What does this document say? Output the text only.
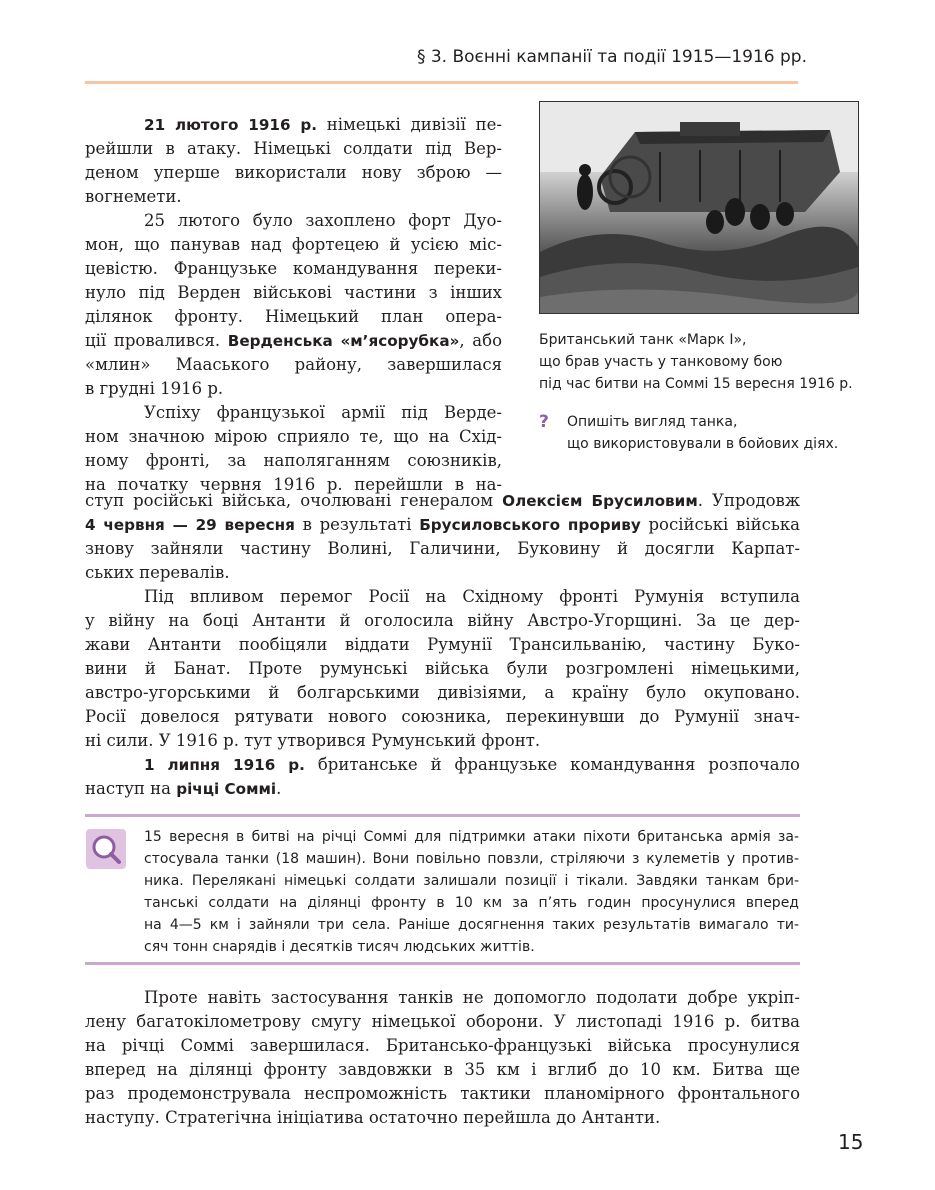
§ 3. Воєнні кампанії та події 1915—1916 рр.

21 лютого 1916 р. німецькі дивізії пе-

рейшли в атаку. Німецькі солдати під Вер-
деном уперше використали нову зброю —
вогнемети.

25 лютого було захоплено форт Дуо-

мон, що панував над фортецею й усією міс-
цевістю. Французьке командування переки-
нуло під Верден військові частини з інших
ділянок фронту. Німецький план опера-
ції провалився. Верденська «м’ясорубка», або
«млин» Мааського району, завершилася
в грудні 1916 р.

Успіху французької армії під Верде-

ном значною мірою сприяло те, що на Схід-
ному фронті, за наполяганням союзників,
на початку червня 1916 р. перейшли в на-
Британський танк «Марк І»,
що брав участь у танковому бою
під час битви на Соммі 15 вересня 1916 р.
? Опишіть вигляд танка,
що використовували в бойових діях.
ступ російські війська, очолювані генералом Олексієм Брусиловим. Упродовж
4 червня — 29 вересня в результаті Брусиловського прориву російські війська
знову зайняли частину Волині, Галичини, Буковину й досягли Карпат-
ських перевалів.

Під впливом перемог Росії на Східному фронті Румунія вступила

у війну на боці Антанти й оголосила війну Австро-Угорщині. За це дер-
жави Антанти пообіцяли віддати Румунії Трансильванію, частину Буко-
вини й Банат. Проте румунські війська були розгромлені німецькими,
австро-угорськими й болгарськими дивізіями, а країну було окуповано.
Росії довелося рятувати нового союзника, перекинувши до Румунії знач-
ні сили. У 1916 р. тут утворився Румунський фронт.

1 липня 1916 р. британське й французьке командування розпочало

наступ на річці Соммі.
15 вересня в битві на річці Соммі для підтримки атаки піхоти британська армія за-
стосувала танки (18 машин). Вони повільно повзли, стріляючи з кулеметів у против-
ника. Перелякані німецькі солдати залишали позиції і тікали. Завдяки танкам бри-
танські солдати на ділянці фронту в 10 км за п’ять годин просунулися вперед
на 4—5 км і зайняли три села. Раніше досягнення таких результатів вимагало ти-
сяч тонн снарядів і десятків тисяч людських життів.

Проте навіть застосування танків не допомогло подолати добре укріп-

лену багатокілометрову смугу німецької оборони. У листопаді 1916 р. битва
на річці Соммі завершилася. Британсько-французькі війська просунулися
вперед на ділянці фронту завдовжки в 35 км і вглиб до 10 км. Битва ще
раз продемонструвала неспроможність тактики планомірного фронтального
наступу. Стратегічна ініціатива остаточно перейшла до Антанти.
15
